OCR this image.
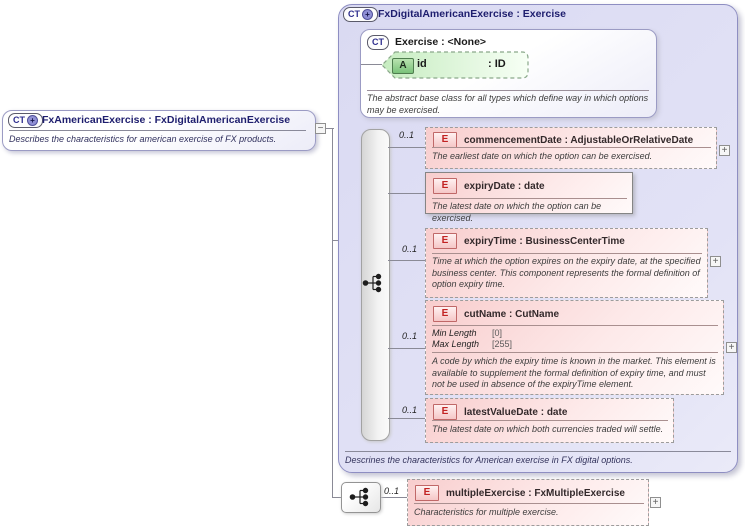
CT + FxDigitalAmericanExercise : Exercise
CT Exercise : <None>
A id	: ID
The abstract base class for all types which define way in which options may be exercised.
0..1	E	commencementDate : AdjustableOrRelativeDate
The earliest date on which the option can be exercised.	+
E	expiryDate : date
The latest date on which the option can be exercised.
0..1
E	expiryTime : BusinessCenterTime
Time at which the option expires on the expiry date, at the specified business center. This component represents the formal definition of option expiry time.
+
0..1
E	cutName : CutName
Min Length [0]
Max Length [255]
A code by which the expiry time is known in the market. This element is available to supplement the formal definition of expiry time, and must not be used in absence of the expiryTime element.
+
0..1	E	latestValueDate : date
The latest date on which both currencies traded will settle.
Descrines the characteristics for American exercise in FX digital options.
CT + FxAmericanExercise : FxDigitalAmericanExercise
Describes the characteristics for american exercise of FX products.
−
0..1	E	multipleExercise : FxMultipleExercise
Characteristics for multiple exercise.
+
